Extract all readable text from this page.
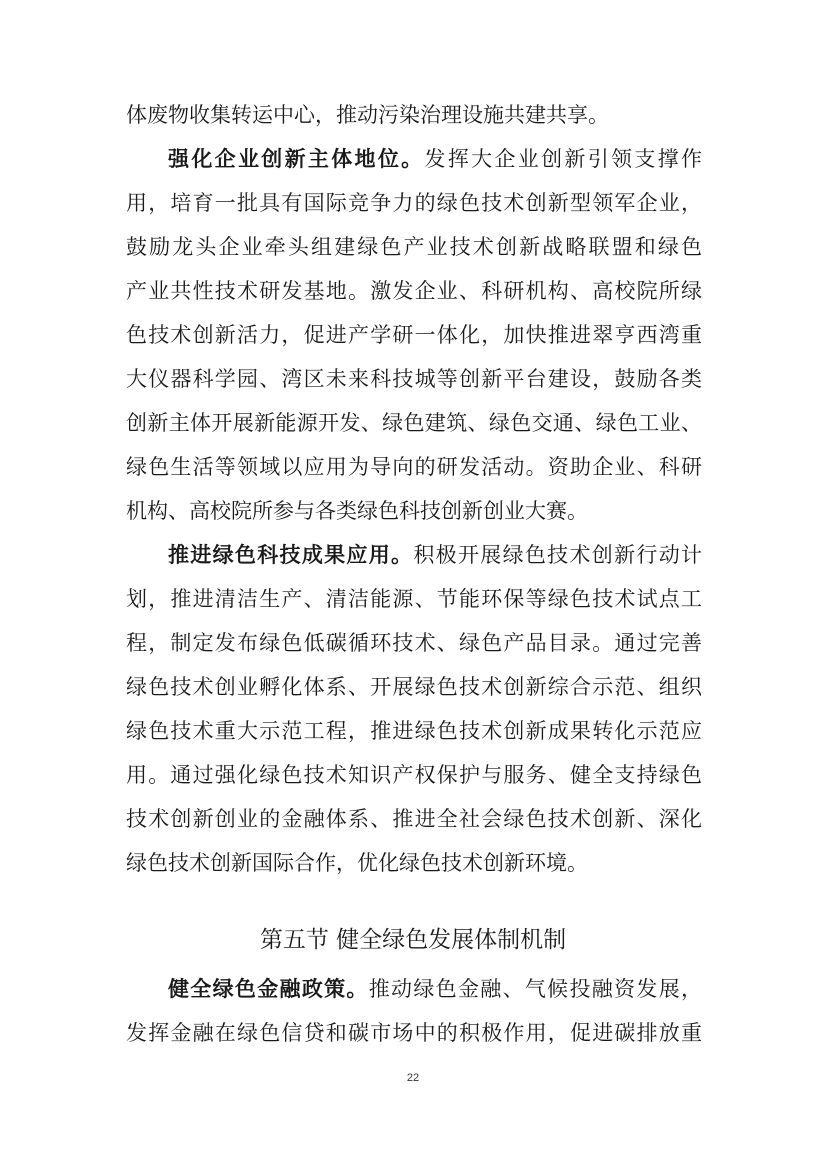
体废物收集转运中心，推动污染治理设施共建共享。
强化企业创新主体地位。发挥大企业创新引领支撑作
用，培育一批具有国际竞争力的绿色技术创新型领军企业，
鼓励龙头企业牵头组建绿色产业技术创新战略联盟和绿色
产业共性技术研发基地。激发企业、科研机构、高校院所绿
色技术创新活力，促进产学研一体化，加快推进翠亨西湾重
大仪器科学园、湾区未来科技城等创新平台建设，鼓励各类
创新主体开展新能源开发、绿色建筑、绿色交通、绿色工业、
绿色生活等领域以应用为导向的研发活动。资助企业、科研
机构、高校院所参与各类绿色科技创新创业大赛。
推进绿色科技成果应用。积极开展绿色技术创新行动计
划，推进清洁生产、清洁能源、节能环保等绿色技术试点工
程，制定发布绿色低碳循环技术、绿色产品目录。通过完善
绿色技术创业孵化体系、开展绿色技术创新综合示范、组织
绿色技术重大示范工程，推进绿色技术创新成果转化示范应
用。通过强化绿色技术知识产权保护与服务、健全支持绿色
技术创新创业的金融体系、推进全社会绿色技术创新、深化
绿色技术创新国际合作，优化绿色技术创新环境。
第五节 健全绿色发展体制机制
健全绿色金融政策。推动绿色金融、气候投融资发展，
发挥金融在绿色信贷和碳市场中的积极作用，促进碳排放重
22
